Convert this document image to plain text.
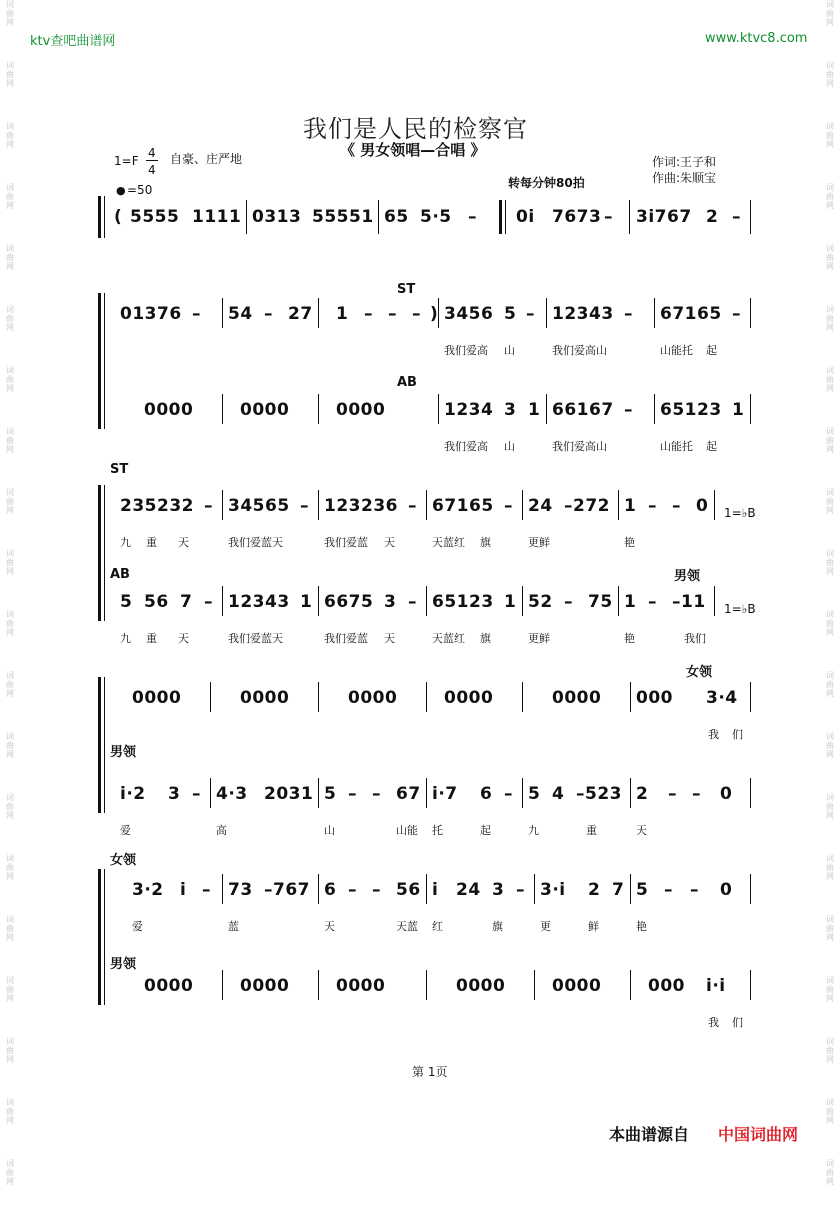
词
曲
网
词
曲
网
词
曲
网
词
曲
网
词
曲
网
词
曲
网
词
曲
网
词
曲
网
词
曲
网
词
曲
网
词
曲
网
词
曲
网
词
曲
网
词
曲
网
词
曲
网
词
曲
网
词
曲
网
词
曲
网
词
曲
网
词
曲
网
词
曲
网
词
曲
网
词
曲
网
词
曲
网
词
曲
网
词
曲
网
词
曲
网
词
曲
网
词
曲
网
词
曲
网
词
曲
网
词
曲
网
词
曲
网
词
曲
网
词
曲
网
词
曲
网
词
曲
网
词
曲
网
词
曲
网
词
曲
网
ktv查吧曲谱网	www.ktvc8.com
我们是人民的检察官
《 男女领唱—合唱 》
1=F
4
4
自豪、庄严地
● =50	转每分钟80拍
作词:王子和
作曲:朱顺宝
( 5555 1111 0313 55551 65 5·5 – 0i 7673 – 3i767 2 –
ST
01376 – 54 – 27 1 – – – ) 3456 5 – 12343 – 67165 –
我们爱高 山	我们爱高山	山能托 起
AB
0000	0000	0000	1234 3 1 66167 – 65123 1
我们爱高 山	我们爱高山	山能托 起
ST
235232 – 34565 – 123236 – 67165 – 24 –272 1 – – 0 1=♭B
九 重 天	我们爱蓝天	我们爱蓝 天	天蓝红 旗	更鲜	艳
AB	男领
5 56 7 – 12343 1 6675 3 – 65123 1 52 – 75 1 – –11 1=♭B
九 重 天	我们爱蓝天	我们爱蓝 天	天蓝红 旗	更鲜	艳	我们
女领
0000	0000	0000	0000	0000 000 3·4
我 们
男领
i·2 3 – 4·3 2031 5 – – 67 i·7 6 – 5 4 –523 2 – – 0
爱	高	山	山能 托	起	九	重	天
女领
3·2 i – 73 –767 6 – – 56 i 24 3 – 3·i 2 7 5 – – 0
爱	蓝	天	天蓝 红	旗	更	鲜	艳
男领
0000	0000	0000	0000	0000	000 i·i
我 们
第 1页
本曲谱源自 中国词曲网
